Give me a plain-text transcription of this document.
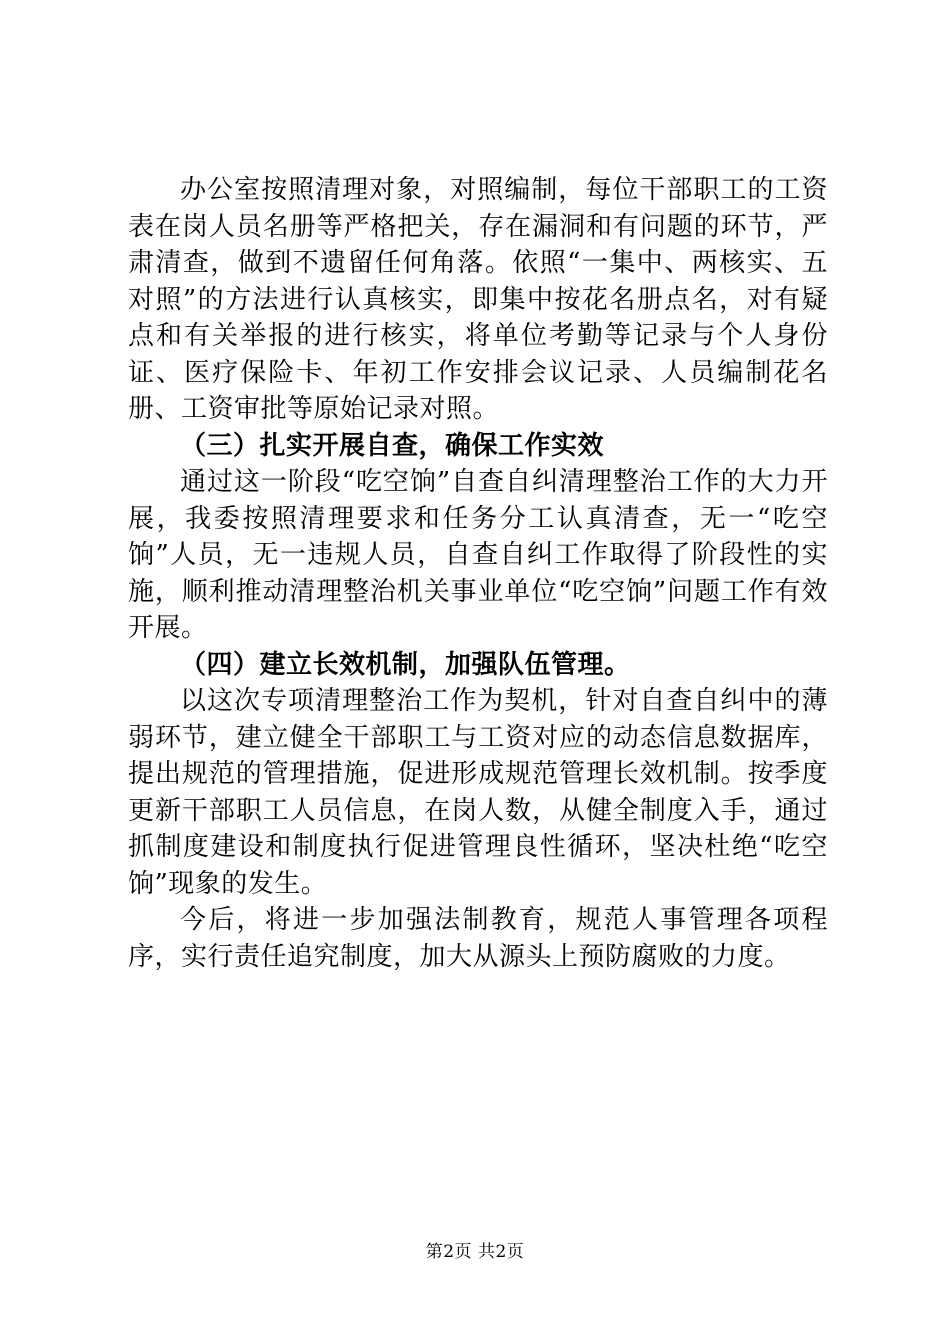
办公室按照清理对象，对照编制，每位干部职工的工资表在岗人员名册等严格把关，存在漏洞和有问题的环节，严肃清查，做到不遗留任何角落。依照“一集中、两核实、五对照”的方法进行认真核实，即集中按花名册点名，对有疑点和有关举报的进行核实，将单位考勤等记录与个人身份证、医疗保险卡、年初工作安排会议记录、人员编制花名册、工资审批等原始记录对照。

（三）扎实开展自查，确保工作实效

通过这一阶段“吃空饷”自查自纠清理整治工作的大力开展，我委按照清理要求和任务分工认真清查，无一“吃空饷”人员，无一违规人员，自查自纠工作取得了阶段性的实施，顺利推动清理整治机关事业单位“吃空饷”问题工作有效开展。

（四）建立长效机制，加强队伍管理。

以这次专项清理整治工作为契机，针对自查自纠中的薄弱环节，建立健全干部职工与工资对应的动态信息数据库，提出规范的管理措施，促进形成规范管理长效机制。按季度更新干部职工人员信息，在岗人数，从健全制度入手，通过抓制度建设和制度执行促进管理良性循环，坚决杜绝“吃空饷”现象的发生。

今后，将进一步加强法制教育，规范人事管理各项程序，实行责任追究制度，加大从源头上预防腐败的力度。

第2页 共2页
